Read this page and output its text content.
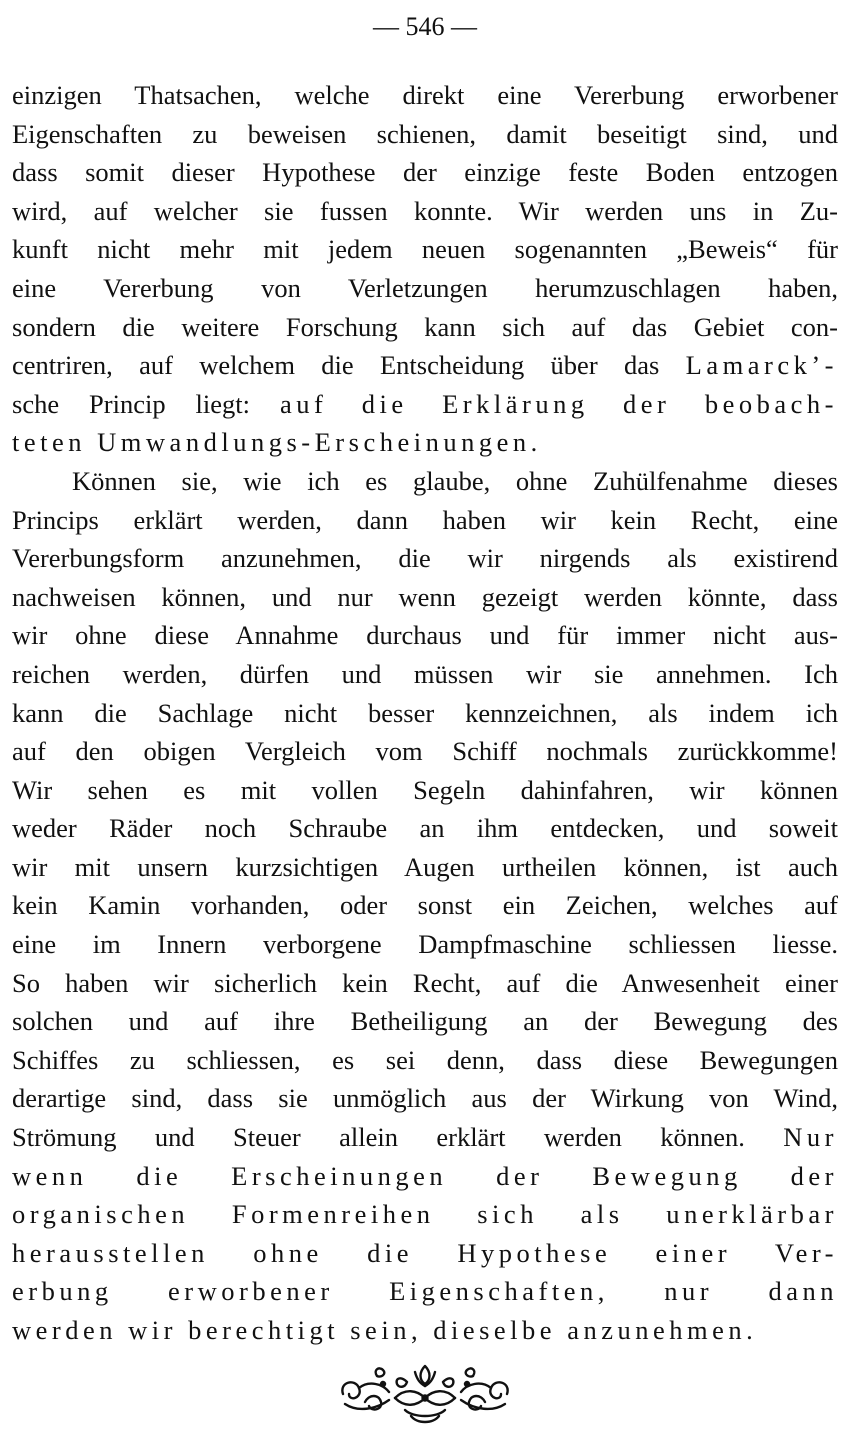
— 546 —
einzigen Thatsachen, welche direkt eine Vererbung erworbener
Eigenschaften zu beweisen schienen, damit beseitigt sind, und
dass somit dieser Hypothese der einzige feste Boden entzogen
wird, auf welcher sie fussen konnte. Wir werden uns in Zu-
kunft nicht mehr mit jedem neuen sogenannten „Beweis“ für
eine Vererbung von Verletzungen herumzuschlagen haben,
sondern die weitere Forschung kann sich auf das Gebiet con-
centriren, auf welchem die Entscheidung über das Lamarck’-
sche Princip liegt: auf die Erklärung der beobach-
teten Umwandlungs-Erscheinungen.
Können sie, wie ich es glaube, ohne Zuhülfenahme dieses
Princips erklärt werden, dann haben wir kein Recht, eine
Vererbungsform anzunehmen, die wir nirgends als existirend
nachweisen können, und nur wenn gezeigt werden könnte, dass
wir ohne diese Annahme durchaus und für immer nicht aus-
reichen werden, dürfen und müssen wir sie annehmen. Ich
kann die Sachlage nicht besser kennzeichnen, als indem ich
auf den obigen Vergleich vom Schiff nochmals zurückkomme!
Wir sehen es mit vollen Segeln dahinfahren, wir können
weder Räder noch Schraube an ihm entdecken, und soweit
wir mit unsern kurzsichtigen Augen urtheilen können, ist auch
kein Kamin vorhanden, oder sonst ein Zeichen, welches auf
eine im Innern verborgene Dampfmaschine schliessen liesse.
So haben wir sicherlich kein Recht, auf die Anwesenheit einer
solchen und auf ihre Betheiligung an der Bewegung des
Schiffes zu schliessen, es sei denn, dass diese Bewegungen
derartige sind, dass sie unmöglich aus der Wirkung von Wind,
Strömung und Steuer allein erklärt werden können. Nur
wenn die Erscheinungen der Bewegung der
organischen Formenreihen sich als unerklärbar
herausstellen ohne die Hypothese einer Ver-
erbung erworbener Eigenschaften, nur dann
werden wir berechtigt sein, dieselbe anzunehmen.
